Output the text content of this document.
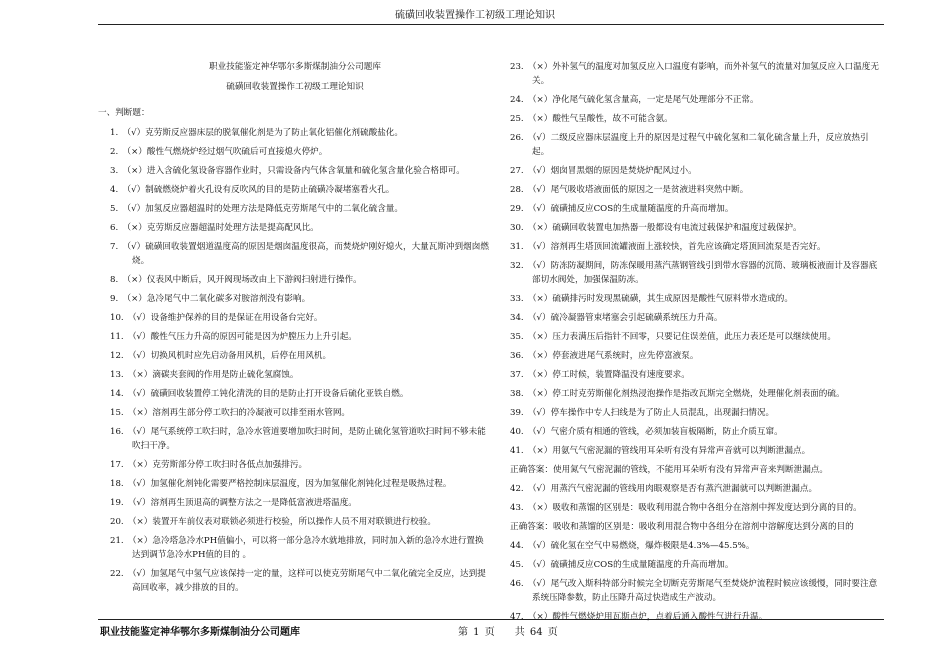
硫磺回收装置操作工初级工理论知识

职业技能鉴定神华鄂尔多斯煤制油分公司题库

硫磺回收装置操作工初级工理论知识

一、判断题：

1.　（√）克劳斯反应器床层的脱氧催化剂是为了防止氧化铝催化剂硫酸盐化。

2.　（×）酸性气燃烧炉经过烟气吹硫后可直接熄火停炉。

3.　（×）进入含硫化氢设备容器作业时，只需设备内气体含氧量和硫化氢含量化验合格即可。

4.　（√）制硫燃烧炉着火孔设有反吹风的目的是防止硫磺冷凝堵塞看火孔。

5.　（√）加氢反应器超温时的处理方法是降低克劳斯尾气中的二氧化硫含量。

6.　（×）克劳斯反应器超温时处理方法是提高配风比。

7.　（√）硫磺回收装置烟道温度高的原因是烟囱温度很高，而焚烧炉刚好熄火，大量瓦斯冲到烟囱燃烧。

8.　（×）仪表风中断后，风开阀现场改由上下游阀扫射进行操作。

9.　（×）急冷尾气中二氧化碳多对胺溶剂没有影响。

10.　（√）设备维护保养的目的是保证在用设备台完好。

11.　（√）酸性气压力升高的原因可能是因为炉膛压力上升引起。

12.　（√）切换风机时应先启动备用风机，后停在用风机。

13.　（×）滴碳夹套阀的作用是防止硫化氢腐蚀。

14.　（√）硫磺回收装置停工钝化清洗的目的是防止打开设备后硫化亚铁自燃。

15.　（×）溶剂再生部分停工吹扫的冷凝液可以排至雨水管网。

16.　（√）尾气系统停工吹扫时，急冷水管道要增加吹扫时间，是防止硫化氢管道吹扫时间不够未能吹扫干净。

17.　（×）克劳斯部分停工吹扫时各低点加强排污。

18.　（√）加氢催化剂钝化需要严格控制床层温度，因为加氢催化剂钝化过程是吸热过程。

19.　（√）溶剂再生顶退高的调整方法之一是降低富液进塔温度。

20.　（×）装置开车前仪表对联锁必须进行校验，所以操作人员不用对联锁进行校验。

21.　（×）急冷塔急冷水PH值偏小，可以将一部分急冷水就地排放，同时加入新的急冷水进行置换达到调节急冷水PH值的目的 。

22.　（√）加氢尾气中氢气应该保持一定的量，这样可以使克劳斯尾气中二氧化硫完全反应，达到提高回收率，减少排放的目的。

23.　（×）外补氢气的温度对加氢反应入口温度有影响，而外补氢气的流量对加氢反应入口温度无关。

24.　（×）净化尾气硫化氢含量高，一定是尾气处理部分不正常。

25.　（×）酸性气呈酸性，故不可能含氨。

26.　（√）二级反应器床层温度上升的原因是过程气中硫化氢和二氧化硫含量上升，反应放热引起。

27.　（√）烟囱冒黑烟的原因是焚烧炉配风过小。

28.　（√）尾气吸收塔液面低的原因之一是贫液进料突然中断。

29.　（√）硫磺捕反应COS的生成量随温度的升高而增加。

30.　（×）硫磺回收装置电加热器一般都设有电流过载保护和温度过载保护。

31.　（√）溶剂再生塔顶回流罐液面上涨较快，首先应该确定塔顶回流泵是否完好。

32.　（√）防冻防凝期间，防冻保暖用蒸汽蒸钢管线引到带水容器的沉筒、玻璃板液面计及容器底部切水阀处，加强保温防冻。

33.　（×）硫磺排污时发现黑硫磺，其生成原因是酸性气原料带水造成的。

34.　（√）硫冷凝器管束堵塞会引起硫磺系统压力升高。

35.　（×）压力表满压后指针不回零，只要记住误差值，此压力表还是可以继续使用。

36.　（×）停套液进尾气系统时，应先停富液泵。

37.　（×）停工时候，装置降温没有速度要求。

38.　（×）停工时克劳斯催化剂热浸泡操作是指改瓦斯完全燃烧，处理催化剂表面的硫。

39.　（√）停车操作中专人扫线是为了防止人员混乱，出现漏扫情况。

40.　（√）气密介质有相通的管线，必须加装盲板隔断，防止介质互窜。

41.　（×）用氨气气密泥漏的管线用耳朵听有没有异常声音就可以判断泄漏点。

正确答案：使用氮气气密泥漏的管线，不能用耳朵听有没有异常声音来判断泄漏点。

42.　（√）用蒸汽气密泥漏的管线用肉眼观察是否有蒸汽泄漏就可以判断泄漏点。

43.　（×）吸收和蒸馏的区别是：吸收利用混合物中各组分在溶剂中挥发度达到分离的目的。

正确答案：吸收和蒸馏的区别是：吸收利用混合物中各组分在溶剂中溶解度达到分离的目的

44.　（√）硫化氢在空气中易燃烧，爆炸极限是4.3%—45.5%。

45.　（√）硫磺捕反应COS的生成量随温度的升高而增加。

46.　（√）尾气改入斯科特部分时候完全切断克劳斯尾气至焚烧炉流程时候应该缓慢，同时要注意系统压降参数，防止压降升高过快造成生产波动。

47.　（×）酸性气燃烧炉用瓦斯点炉，点着后通入酸性气进行升温。

职业技能鉴定神华鄂尔多斯煤制油分公司题库	第 1 页　　共 64 页
